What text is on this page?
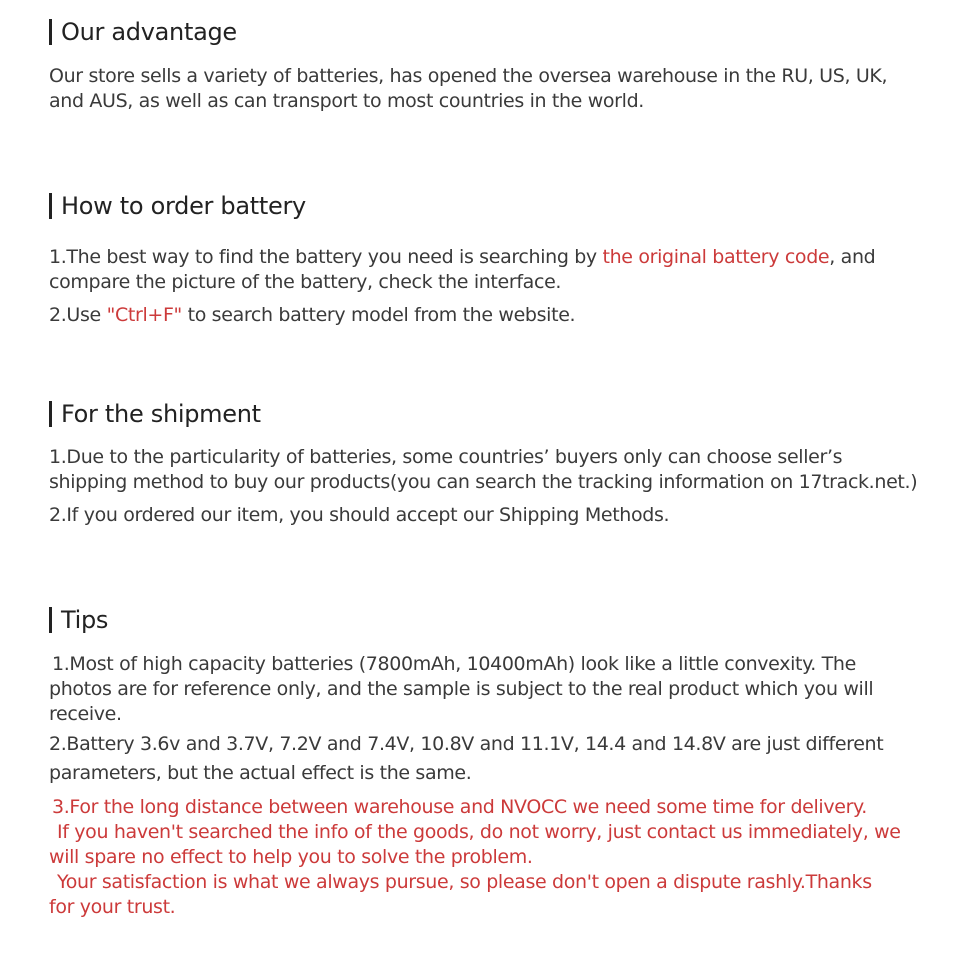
Our advantage

Our store sells a variety of batteries, has opened the oversea warehouse in the RU, US, UK,

and AUS, as well as can transport to most countries in the world.

How to order battery

1.The best way to find the battery you need is searching by the original battery code, and

compare the picture of the battery, check the interface.

2.Use "Ctrl+F" to search battery model from the website.

For the shipment

1.Due to the particularity of batteries, some countries’ buyers only can choose seller’s

shipping method to buy our products(you can search the tracking information on 17track.net.)

2.If you ordered our item, you should accept our Shipping Methods.

Tips

1.Most of high capacity batteries (7800mAh, 10400mAh) look like a little convexity. The

photos are for reference only, and the sample is subject to the real product which you will

receive.

2.Battery 3.6v and 3.7V, 7.2V and 7.4V, 10.8V and 11.1V, 14.4 and 14.8V are just different

parameters, but the actual effect is the same.

3.For the long distance between warehouse and NVOCC we need some time for delivery.

If you haven't searched the info of the goods, do not worry, just contact us immediately, we

will spare no effect to help you to solve the problem.

Your satisfaction is what we always pursue, so please don't open a dispute rashly.Thanks

for your trust.
